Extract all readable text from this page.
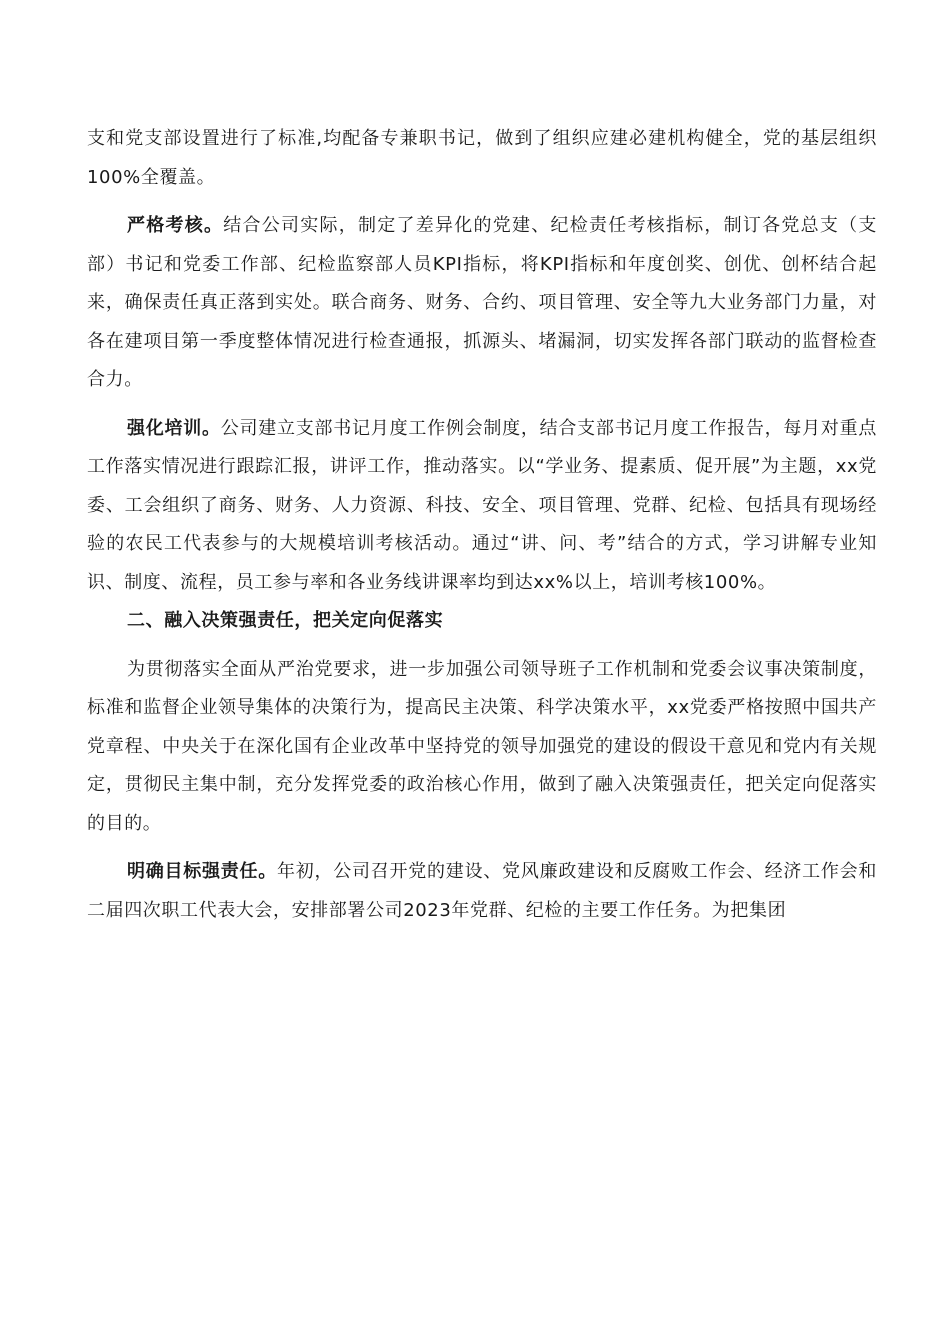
支和党支部设置进行了标准,均配备专兼职书记，做到了组织应建必建机构健全，党的基层组织100%全覆盖。

严格考核。结合公司实际，制定了差异化的党建、纪检责任考核指标，制订各党总支（支部）书记和党委工作部、纪检监察部人员KPI指标，将KPI指标和年度创奖、创优、创杯结合起来，确保责任真正落到实处。联合商务、财务、合约、项目管理、安全等九大业务部门力量，对各在建项目第一季度整体情况进行检查通报，抓源头、堵漏洞，切实发挥各部门联动的监督检查合力。

强化培训。公司建立支部书记月度工作例会制度，结合支部书记月度工作报告，每月对重点工作落实情况进行跟踪汇报，讲评工作，推动落实。以“学业务、提素质、促开展”为主题，xx党委、工会组织了商务、财务、人力资源、科技、安全、项目管理、党群、纪检、包括具有现场经验的农民工代表参与的大规模培训考核活动。通过“讲、问、考”结合的方式，学习讲解专业知识、制度、流程，员工参与率和各业务线讲课率均到达xx%以上，培训考核100%。

二、融入决策强责任，把关定向促落实

为贯彻落实全面从严治党要求，进一步加强公司领导班子工作机制和党委会议事决策制度，标准和监督企业领导集体的决策行为，提高民主决策、科学决策水平，xx党委严格按照中国共产党章程、中央关于在深化国有企业改革中坚持党的领导加强党的建设的假设干意见和党内有关规定，贯彻民主集中制，充分发挥党委的政治核心作用，做到了融入决策强责任，把关定向促落实的目的。

明确目标强责任。年初，公司召开党的建设、党风廉政建设和反腐败工作会、经济工作会和二届四次职工代表大会，安排部署公司2023年党群、纪检的主要工作任务。为把集团
